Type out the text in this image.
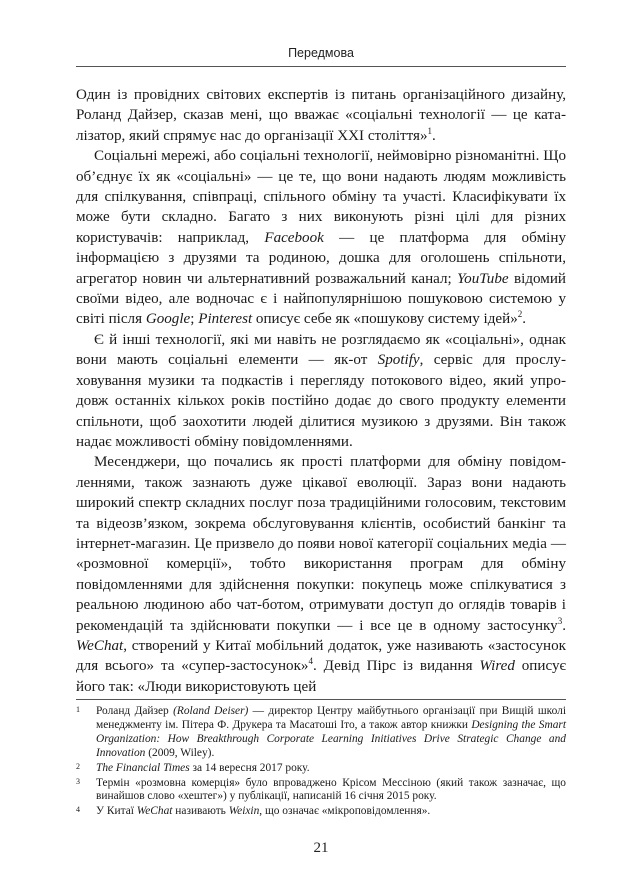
Передмова

Один із провідних світових експертів із питань організаційного дизайну, Роланд Дайзер, сказав мені, що вважає «соціальні технології — це каталізатор, який спрямує нас до організації XXI століття»$^1$.

Соціальні мережі, або соціальні технології, неймовірно різноманітні. Що об’єднує їх як «соціальні» — це те, що вони надають людям можливість для спілкування, співпраці, спільного обміну та участі. Класифікувати їх може бути складно. Багато з них виконують різні цілі для різних користувачів: наприклад, Facebook — це платформа для обміну інформацією з друзями та родиною, дошка для оголошень спільноти, агрегатор новин чи альтернативний розважальний канал; YouTube відомий своїми відео, але водночас є і найпопулярнішою пошуковою системою у світі після Google; Pinterest описує себе як «пошукову систему ідей»$^2$.

Є й інші технології, які ми навіть не розглядаємо як «соціальні», однак вони мають соціальні елементи — як-от Spotify, сервіс для прослуховування музики та подкастів і перегляду потокового відео, який упродовж останніх кількох років постійно додає до свого продукту елементи спільноти, щоб заохотити людей ділитися музикою з друзями. Він також надає можливості обміну повідомленнями.

Месенджери, що почались як прості платформи для обміну повідомленнями, також зазнають дуже цікавої еволюції. Зараз вони надають широкий спектр складних послуг поза традиційними голосовим, текстовим та відеозв’язком, зокрема обслуговування клієнтів, особистий банкінг та інтернет-магазин. Це призвело до появи нової категорії соціальних медіа — «розмовної комерції», тобто використання програм для обміну повідомленнями для здійснення покупки: покупець може спілкуватися з реальною людиною або чат-ботом, отримувати доступ до оглядів товарів і рекомендацій та здійснювати покупки — і все це в одному застосунку$^3$. WeChat, створений у Китаї мобільний додаток, уже називають «застосунок для всього» та «супер-застосунок»$^4$. Девід Пірс із видання Wired описує його так: «Люди використовують цей

1 Роланд Дайзер (Roland Deiser) — директор Центру майбутнього організації при Вищій школі менеджменту ім. Пітера Ф. Друкера та Масатоші Іто, а також автор книжки Designing the Smart Organization: How Breakthrough Corporate Learning Initiatives Drive Strategic Change and Innovation (2009, Wiley).
2 The Financial Times за 14 вересня 2017 року.
3 Термін «розмовна комерція» було впроваджено Крісом Мессіною (який також зазначає, що винайшов слово «хештег») у публікації, написаній 16 січня 2015 року.
4 У Китаї WeChat називають Weixin, що означає «мікроповідомлення».
21
